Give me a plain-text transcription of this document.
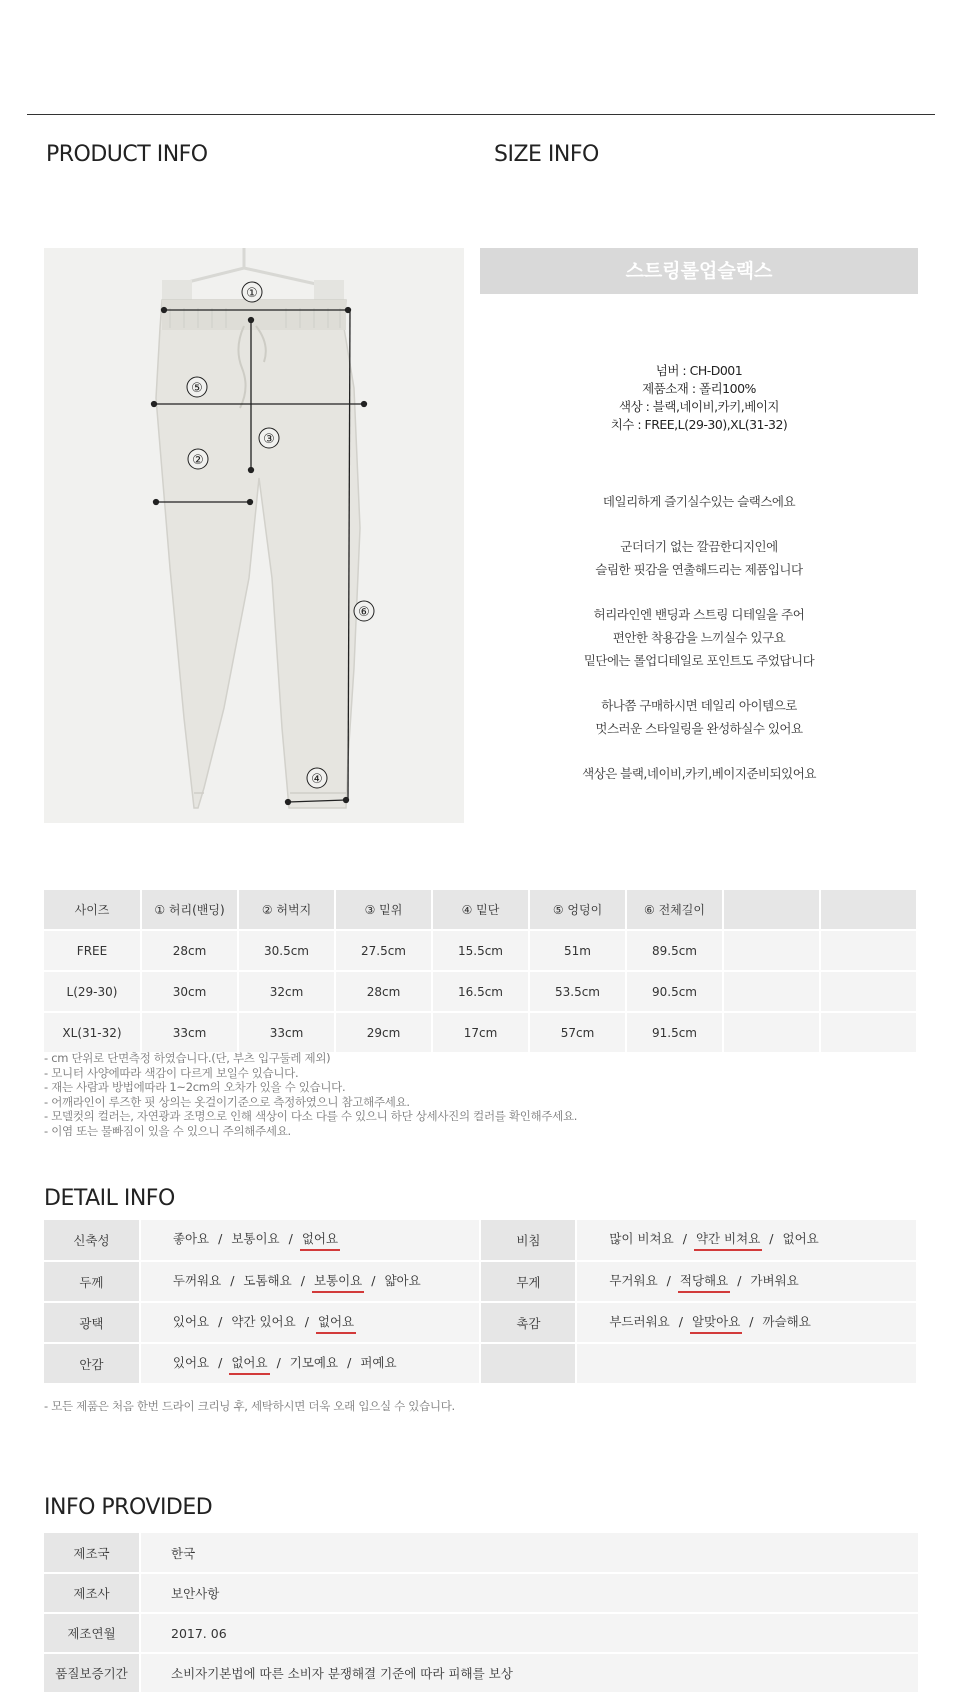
PRODUCT INFO	SIZE INFO
①
⑤
③
②
⑥
④
스트링롤업슬랙스
넘버 : CH-D001
제품소재 : 폴리100%
색상 : 블랙,네이비,카키,베이지
치수 : FREE,L(29-30),XL(31-32)

데일리하게 즐기실수있는 슬랙스에요

군더더기 없는 깔끔한디지인에

슬림한 핏감을 연출해드리는 제품입니다

허리라인엔 밴딩과 스트링 디테일을 주어

편안한 착용감을 느끼실수 있구요

밑단에는 롤업디테일로 포인트도 주었답니다

하나쯤 구매하시면 데일리 아이템으로

멋스러운 스타일링을 완성하실수 있어요

색상은 블랙,네이비,카키,베이지준비되있어요

사이즈	① 허리(밴딩)	② 허벅지	③ 밑위	④ 밑단	⑤ 엉덩이	⑥ 전체길이		
FREE	28cm	30.5cm	27.5cm	15.5cm	51m	89.5cm		
L(29-30)	30cm	32cm	28cm	16.5cm	53.5cm	90.5cm		
XL(31-32)	33cm	33cm	29cm	17cm	57cm	91.5cm		
- cm 단위로 단면측정 하였습니다.(단, 부츠 입구둘레 제외)
- 모니터 사양에따라 색감이 다르게 보일수 있습니다.
- 재는 사람과 방법에따라 1~2cm의 오차가 있을 수 있습니다.
- 어깨라인이 루즈한 핏 상의는 옷걸이기준으로 측정하였으니 참고해주세요.
- 모델컷의 컬러는, 자연광과 조명으로 인해 색상이 다소 다를 수 있으니 하단 상세사진의 컬러를 확인해주세요.
- 이염 또는 물빠짐이 있을 수 있으니 주의해주세요.
DETAIL INFO
신축성	좋아요 / 보통이요 / 없어요	비침	많이 비쳐요 / 약간 비쳐요 / 없어요
두께	두꺼워요 / 도톰해요 / 보통이요 / 얇아요	무게	무거워요 / 적당해요 / 가벼워요
광택	있어요 / 약간 있어요 / 없어요	촉감	부드러워요 / 알맞아요 / 까슬해요
안감	있어요 / 없어요 / 기모예요 / 퍼예요		
- 모든 제품은 처음 한번 드라이 크리닝 후, 세탁하시면 더욱 오래 입으실 수 있습니다.
INFO PROVIDED
제조국	한국
제조사	보안사항
제조연월	2017. 06
품질보증기간	소비자기본법에 따른 소비자 분쟁해결 기준에 따라 피해를 보상
